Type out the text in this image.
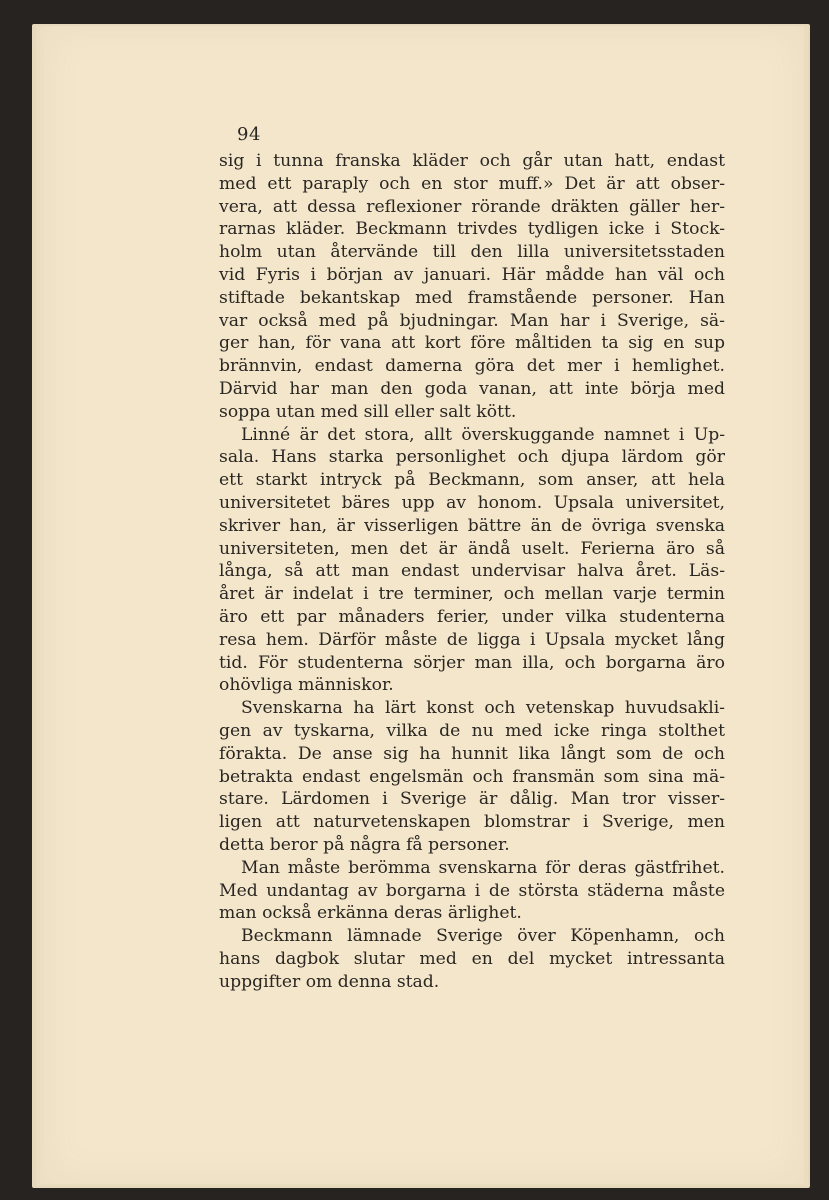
94

sig i tunna franska kläder och går utan hatt, endast
med ett paraply och en stor muff.» Det är att obser-
vera, att dessa reflexioner rörande dräkten gäller her-
rarnas kläder. Beckmann trivdes tydligen icke i Stock-
holm utan återvände till den lilla universitetsstaden
vid Fyris i början av januari. Här mådde han väl och
stiftade bekantskap med framstående personer. Han
var också med på bjudningar. Man har i Sverige, sä-
ger han, för vana att kort före måltiden ta sig en sup
brännvin, endast damerna göra det mer i hemlighet.
Därvid har man den goda vanan, att inte börja med
soppa utan med sill eller salt kött.

Linné är det stora, allt överskuggande namnet i Up-
sala. Hans starka personlighet och djupa lärdom gör
ett starkt intryck på Beckmann, som anser, att hela
universitetet bäres upp av honom. Upsala universitet,
skriver han, är visserligen bättre än de övriga svenska
universiteten, men det är ändå uselt. Ferierna äro så
långa, så att man endast undervisar halva året. Läs-
året är indelat i tre terminer, och mellan varje termin
äro ett par månaders ferier, under vilka studenterna
resa hem. Därför måste de ligga i Upsala mycket lång
tid. För studenterna sörjer man illa, och borgarna äro
ohövliga människor.

Svenskarna ha lärt konst och vetenskap huvudsakli-
gen av tyskarna, vilka de nu med icke ringa stolthet
förakta. De anse sig ha hunnit lika långt som de och
betrakta endast engelsmän och fransmän som sina mä-
stare. Lärdomen i Sverige är dålig. Man tror visser-
ligen att naturvetenskapen blomstrar i Sverige, men
detta beror på några få personer.

Man måste berömma svenskarna för deras gästfrihet.
Med undantag av borgarna i de största städerna måste
man också erkänna deras ärlighet.

Beckmann lämnade Sverige över Köpenhamn, och
hans dagbok slutar med en del mycket intressanta
uppgifter om denna stad.
